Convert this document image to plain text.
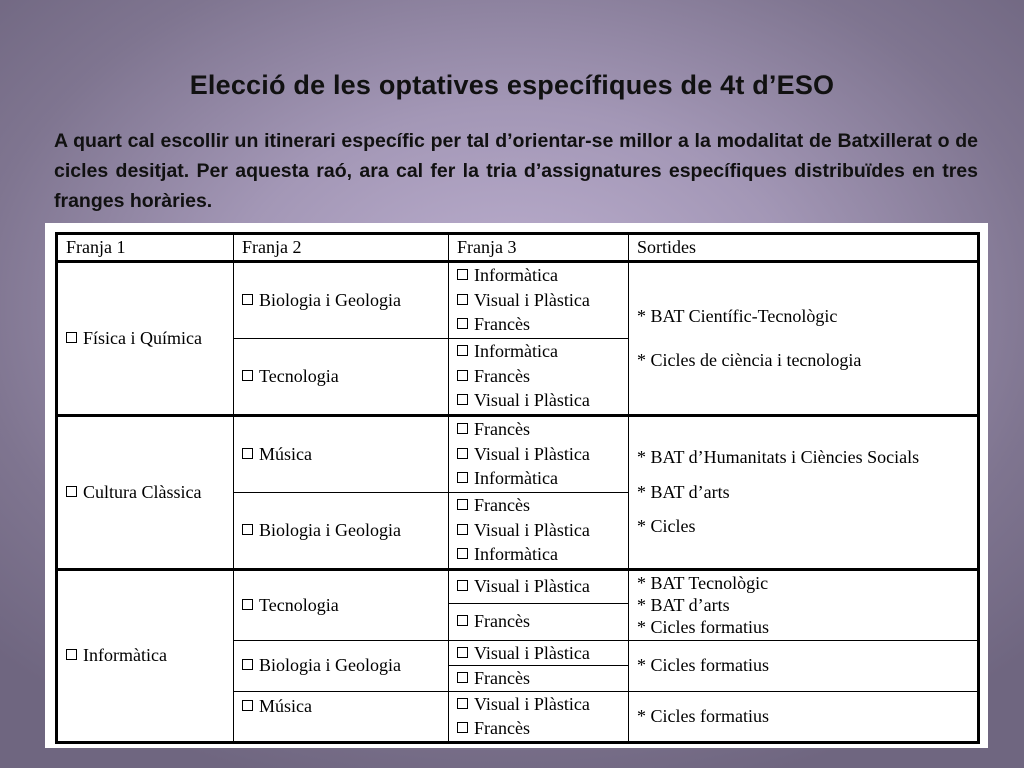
Elecció de les optatives específiques de 4t d’ESO
A quart cal escollir un itinerari específic per tal d’orientar-se millor a la modalitat de Batxillerat o de cicles desitjat. Per aquesta raó, ara cal fer la tria d’assignatures específiques distribuïdes en tres franges horàries.
Franja 1	Franja 2	Franja 3	Sortides

Física i Química	Biologia i Geologia	Informàtica
Visual i Plàstica
Francès	* BAT Científic-Tecnològic
* Cicles de ciència i tecnologia

	Tecnologia	Informàtica
Francès
Visual i Plàstica	

Cultura Clàssica	Música	Francès
Visual i Plàstica
Informàtica	* BAT d’Humanitats i Ciències Socials
* BAT d’arts
* Cicles

	Biologia i Geologia	Francès
Visual i Plàstica
Informàtica	

Informàtica	Tecnologia	Visual i Plàstica	* BAT Tecnològic
* BAT d’arts
* Cicles formatius

		Francès	

	Biologia i Geologia	Visual i Plàstica	* Cicles formatius

		Francès	

	Música	Visual i Plàstica	* Cicles formatius

		Francès	
